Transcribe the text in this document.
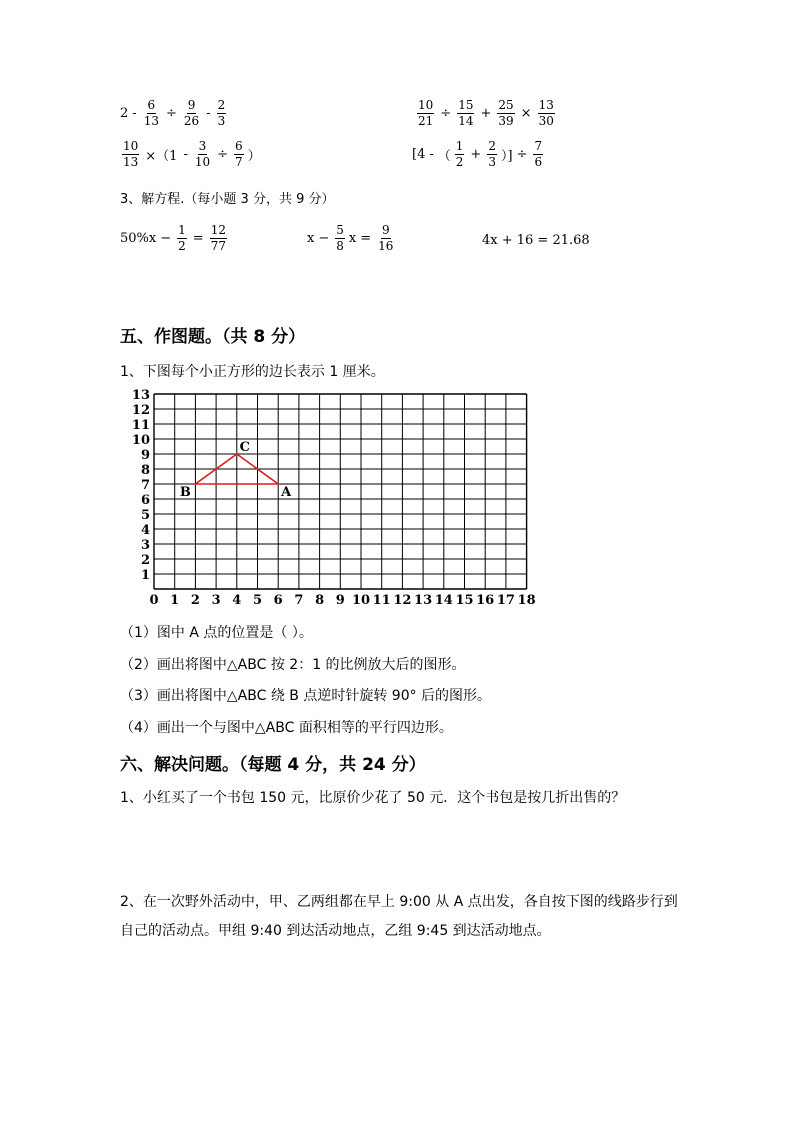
$2 - \frac{6}{13} \div \frac{9}{26} - \frac{2}{3}$	$\frac{10}{21} \div \frac{15}{14} + \frac{25}{39} \times \frac{13}{30}$
$\frac{10}{13} \times(1 - \frac{3}{10} \div \frac{6}{7}$ ）	[4 - （ $\frac{1}{2} + \frac{2}{3}$ ）] ÷ $\frac{7}{6}$
3、解方程.（每小题 3 分，共 9 分）
$50\%x - \frac{1}{2} = \frac{12}{77}$	$x - \frac{5}{8}$ $x = \frac{9}{16}$	4x + 16 = 21.68
五、作图题。（共 8 分）
1、下图每个小正方形的边长表示 1 厘米。
0 1 2 3 4 5 6 7 8 9 10 11 12 13 14 15 16 17 18
1
2
3
4
5
6
7
8
9
10
11
12
13
A
B
C
（1）图中 A 点的位置是（ ）。
（2）画出将图中△ABC 按 2：1 的比例放大后的图形。
（3）画出将图中△ABC 绕 B 点逆时针旋转 90° 后的图形。
（4）画出一个与图中△ABC 面积相等的平行四边形。
六、解决问题。（每题 4 分，共 24 分）
1、小红买了一个书包 150 元，比原价少花了 50 元．这个书包是按几折出售的？
2、在一次野外活动中，甲、乙两组都在早上 9:00 从 A 点出发，各自按下图的线路步行到自己的活动点。甲组 9:40 到达活动地点，乙组 9:45 到达活动地点。
